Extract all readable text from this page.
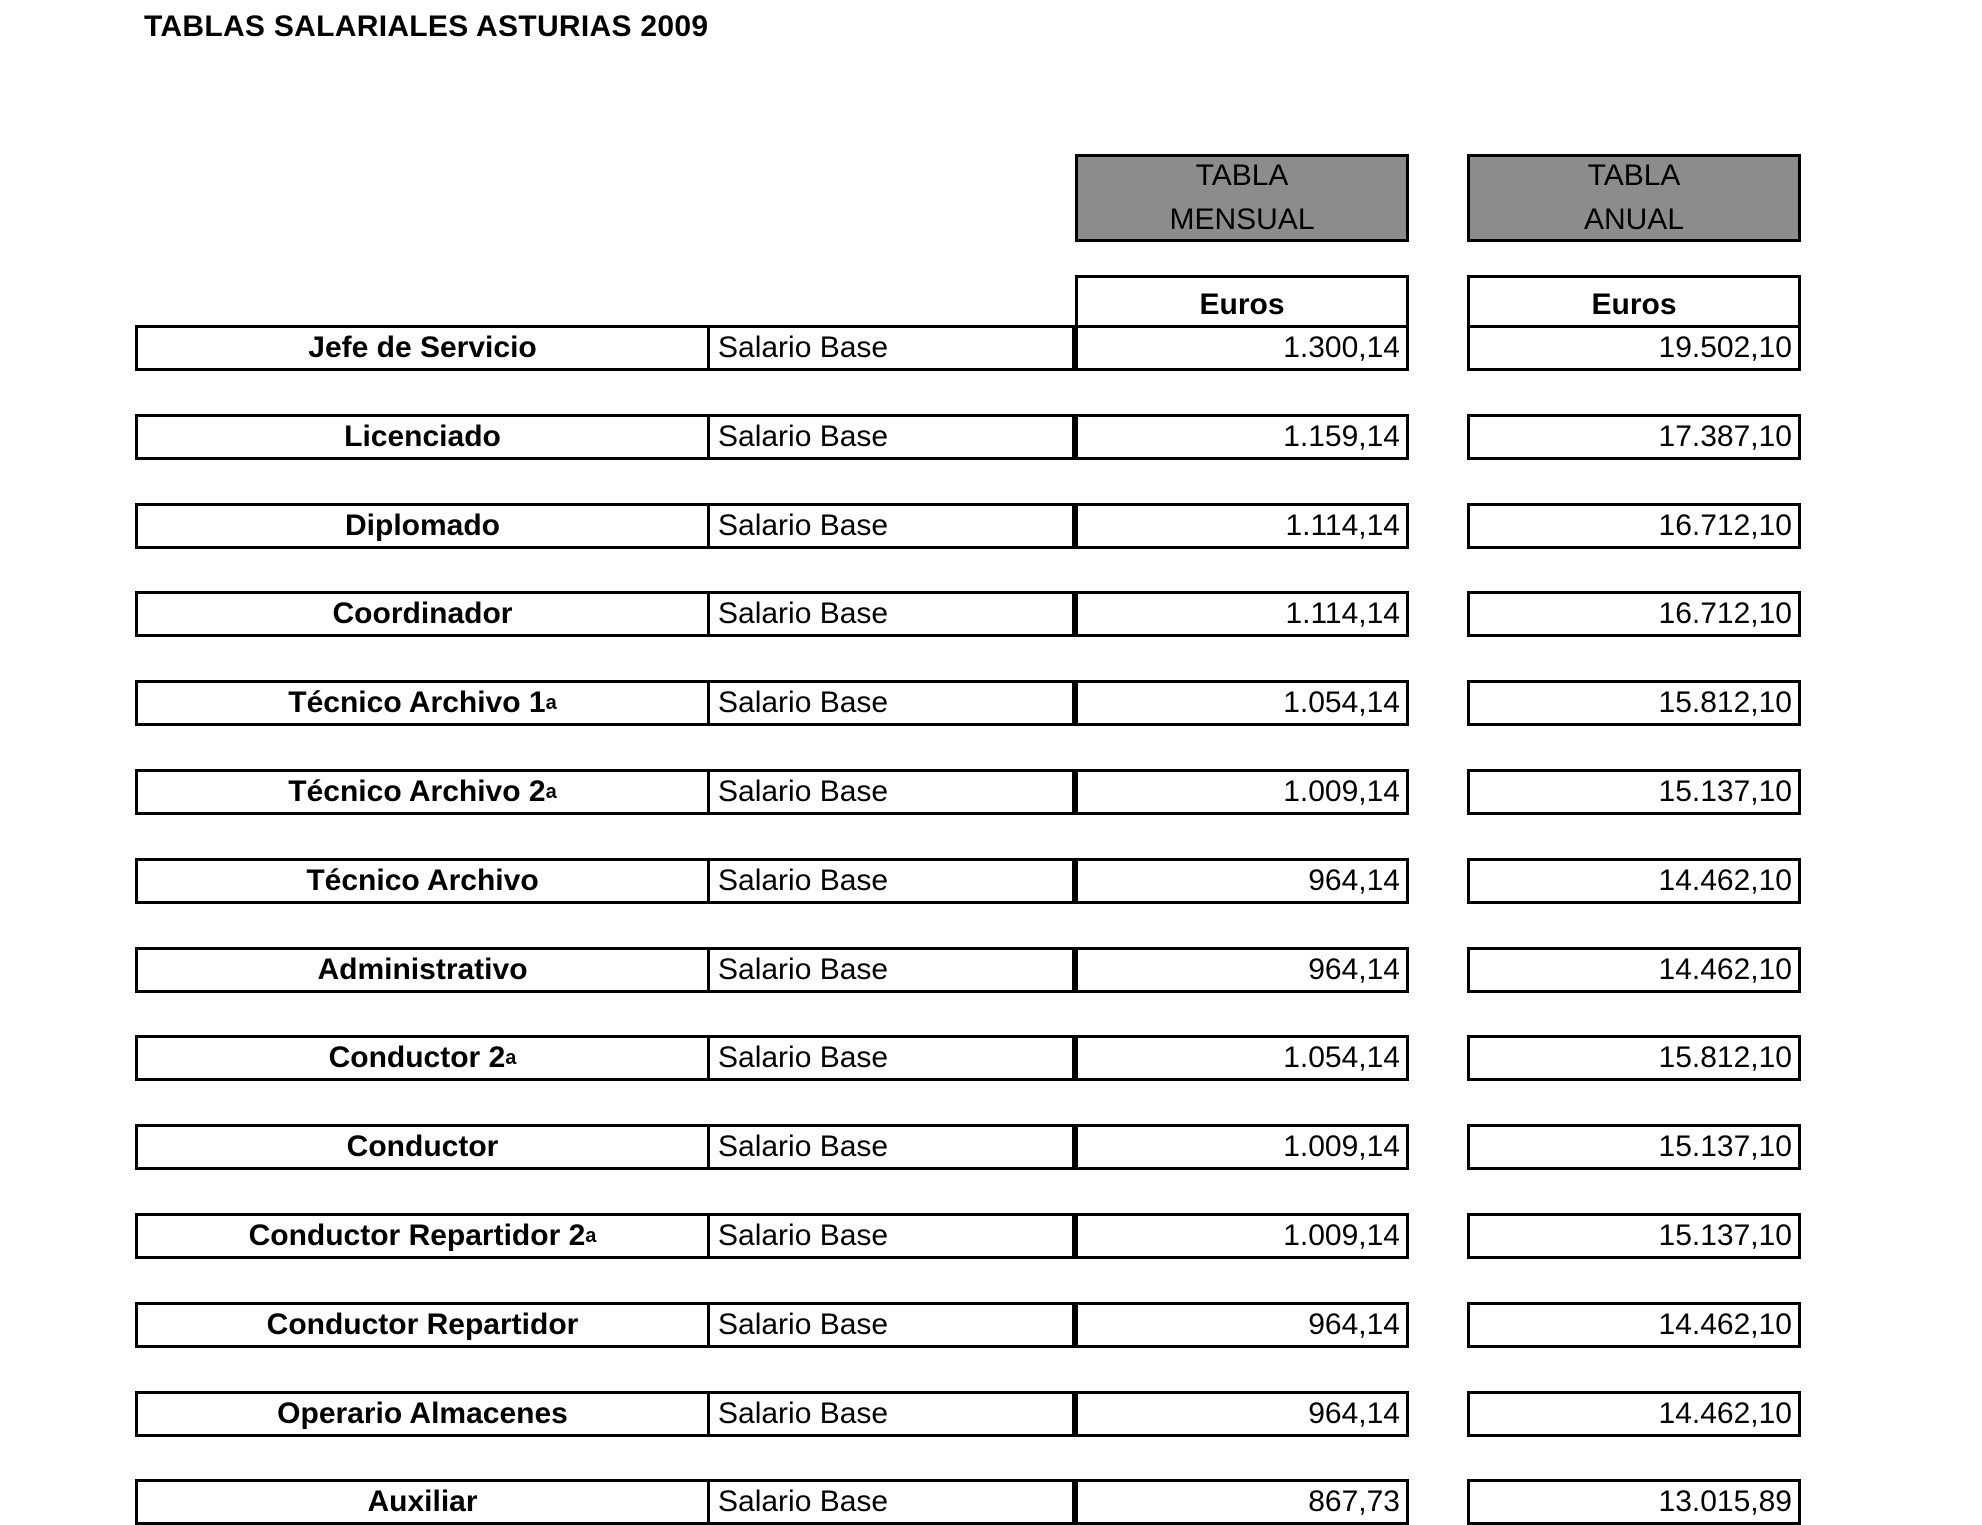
TABLAS SALARIALES ASTURIAS 2009
TABLA
MENSUAL
TABLA
ANUAL
Euros	Euros
Jefe de Servicio	Salario Base	1.300,14	19.502,10
Licenciado	Salario Base	1.159,14	17.387,10
Diplomado	Salario Base	1.114,14	16.712,10
Coordinador	Salario Base	1.114,14	16.712,10
Técnico Archivo 1 a	Salario Base	1.054,14	15.812,10
Técnico Archivo 2 a	Salario Base	1.009,14	15.137,10
Técnico Archivo	Salario Base	964,14	14.462,10
Administrativo	Salario Base	964,14	14.462,10
Conductor 2 a	Salario Base	1.054,14	15.812,10
Conductor	Salario Base	1.009,14	15.137,10
Conductor Repartidor 2 a	Salario Base	1.009,14	15.137,10
Conductor Repartidor	Salario Base	964,14	14.462,10
Operario Almacenes	Salario Base	964,14	14.462,10
Auxiliar	Salario Base	867,73	13.015,89
